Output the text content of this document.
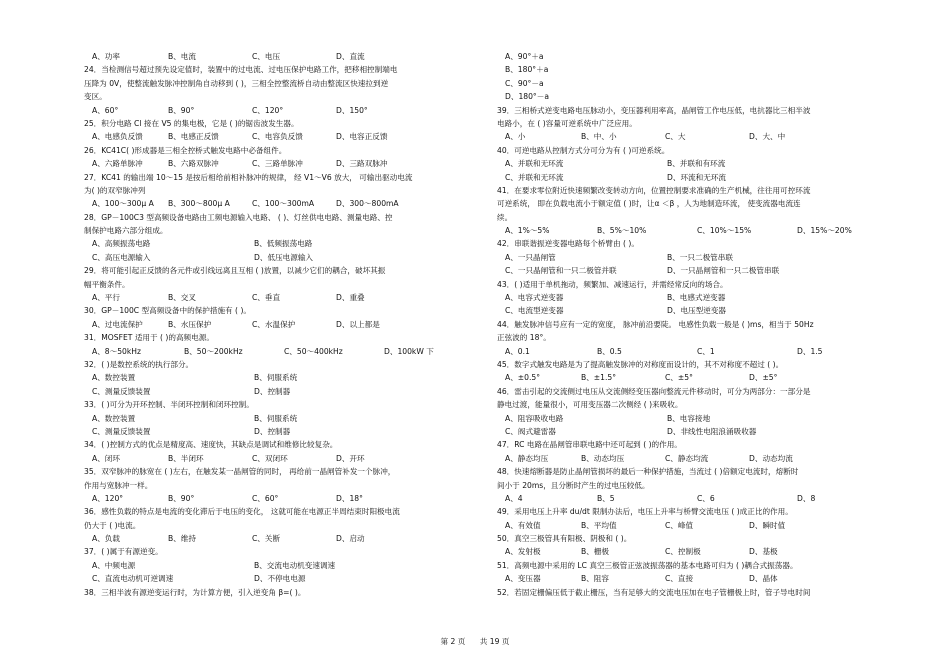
A、功率	B、电流	C、电压	D、直流
24．当检测信号超过预先设定值时，装置中的过电流、过电压保护电路工作，把移相控制端电
压降为 0V，使整流触发脉冲控制角自动移到 ( )，三相全控整流桥自动由整流区快速拉到逆
变区。
A、60°	B、90°	C、120°	D、150°
25．积分电路 Cl 接在 V5 的集电极，它是 ( )的锯齿波发生器。
A、电感负反馈	B、电感正反馈	C、电容负反馈	D、电容正反馈
26．KC41C( )形成器是三相全控桥式触发电路中必备组件。
A、六路单脉冲	B、六路双脉冲	C、三路单脉冲	D、三路双脉冲
27．KC41 的输出端 10～15 是按后相给前相补脉冲的规律， 经 V1～V6 放大， 可输出驱动电流
为( )的双窄脉冲列
A、100～300μ A	B、300～800μ A	C、100～300mA	D、300～800mA
28．GP－100C3 型高频设备电路由工频电源输入电路、 ( )、灯丝供电电路、测量电路、控
制保护电路六部分组成。
A、高频振荡电路	B、低频振荡电路
C、高压电源输入	D、低压电源输入
29．将可能引起正反馈的各元件或引线远离且互相 ( )放置，以减少它们的耦合，破坏其振
幅平衡条件。
A、平行	B、交叉	C、垂直	D、重叠
30．GP－100C 型高频设备中的保护措施有 ( )。
A、过电流保护	B、水压保护	C、水温保护	D、以上都是
31．MOSFET 适用于 ( )的高频电源。
A、8～50kHz	B、50～200kHz	C、50～400kHz	D、100kW 下
32．( )是数控系统的执行部分。
A、数控装置	B、伺服系统
C、测量反馈装置	D、控制器
33．( )可分为开环控制、半闭环控制和闭环控制。
A、数控装置	B、伺服系统
C、测量反馈装置	D、控制器
34．( )控制方式的优点是精度高、速度快，其缺点是调试和维修比较复杂。
A、闭环	B、半闭环	C、双闭环	D、开环
35．双窄脉冲的脉宽在 ( )左右，在触发某一晶闸管的同时， 再给前一晶闸管补发一个脉冲，
作用与宽脉冲一样。
A、120°	B、90°	C、60°	D、18°
36．感性负载的特点是电流的变化滞后于电压的变化， 这就可能在电源正半周结束时阳极电流
仍大于 ( )电流。
A、负载	B、维持	C、关断	D、启动
37．( )属于有源逆变。
A、中频电源	B、交流电动机变速调速
C、直流电动机可逆调速	D、不停电电源
38．三相半波有源逆变运行时，为计算方便，引入逆变角 β=( )。
A、90°＋a
B、180°＋a
C、90°－a
D、180°－a
39．三相桥式逆变电路电压脉动小，变压器利用率高，晶闸管工作电压低，电抗器比三相半波
电路小，在 ( )容量可逆系统中广泛应用。
A、小	B、中、小	C、大	D、大、中
40．可逆电路从控制方式分可分为有 ( )可逆系统。
A、并联和无环流	B、并联和有环流
C、并联和无环流	D、环流和无环流
41．在要求零位附近快速频繁改变转动方向，位置控制要求准确的生产机械，往往用可控环流
可逆系统， 即在负载电流小于额定值 ( )时，让α ＜β ，人为地制造环流， 使变流器电流连
续。
A、1%～5%	B、5%～10%	C、10%～15%	D、15%～20%
42．串联谐振逆变器电路每个桥臂由 ( )。
A、一只晶闸管	B、一只二极管串联
C、一只晶闸管和一只二极管并联	D、一只晶闸管和一只二极管串联
43．( )适用于单机拖动，频繁加、减速运行，并需经常反向的场合。
A、电容式逆变器	B、电感式逆变器
C、电流型逆变器	D、电压型逆变器
44．触发脉冲信号应有一定的宽度， 脉冲前沿要陡。 电感性负载一般是 ( )ms，相当于 50Hz
正弦波的 18°。
A、0.1	B、0.5	C、1	D、1.5
45．数字式触发电路是为了提高触发脉冲的对称度而设计的，其不对称度不超过 ( )。
A、±0.5°	B、±1.5°	C、±5°	D、±5°
46．雷击引起的交流侧过电压从交流侧经变压器向整流元件移动时，可分为两部分：一部分是
静电过渡，能量很小，可用变压器二次侧经 ( )来吸收。
A、阻容吸收电路	B、电容接地
C、阀式避雷器	D、非线性电阻浪涌吸收器
47．RC 电路在晶闸管串联电路中还可起到 ( )的作用。
A、静态均压	B、动态均压	C、静态均流	D、动态均流
48．快速熔断器是防止晶闸管损坏的最后一种保护措施，当流过 ( )倍额定电流时，熔断时
间小于 20ms，且分断时产生的过电压较低。
A、4	B、5	C、6	D、8
49．采用电压上升率 du/dt 限制办法后，电压上升率与桥臂交流电压 ( )成正比的作用。
A、有效值	B、平均值	C、峰值	D、瞬时值
50．真空三极管具有阳极、阴极和 ( )。
A、发射极	B、栅极	C、控制极	D、基极
51．高频电源中采用的 LC 真空三极管正弦波振荡器的基本电路可归为 ( )耦合式振荡器。
A、变压器	B、阻容	C、直接	D、晶体
52．若固定栅偏压低于截止栅压，当有足够大的交流电压加在电子管栅极上时，管子导电时间
第 2 页 共 19 页
